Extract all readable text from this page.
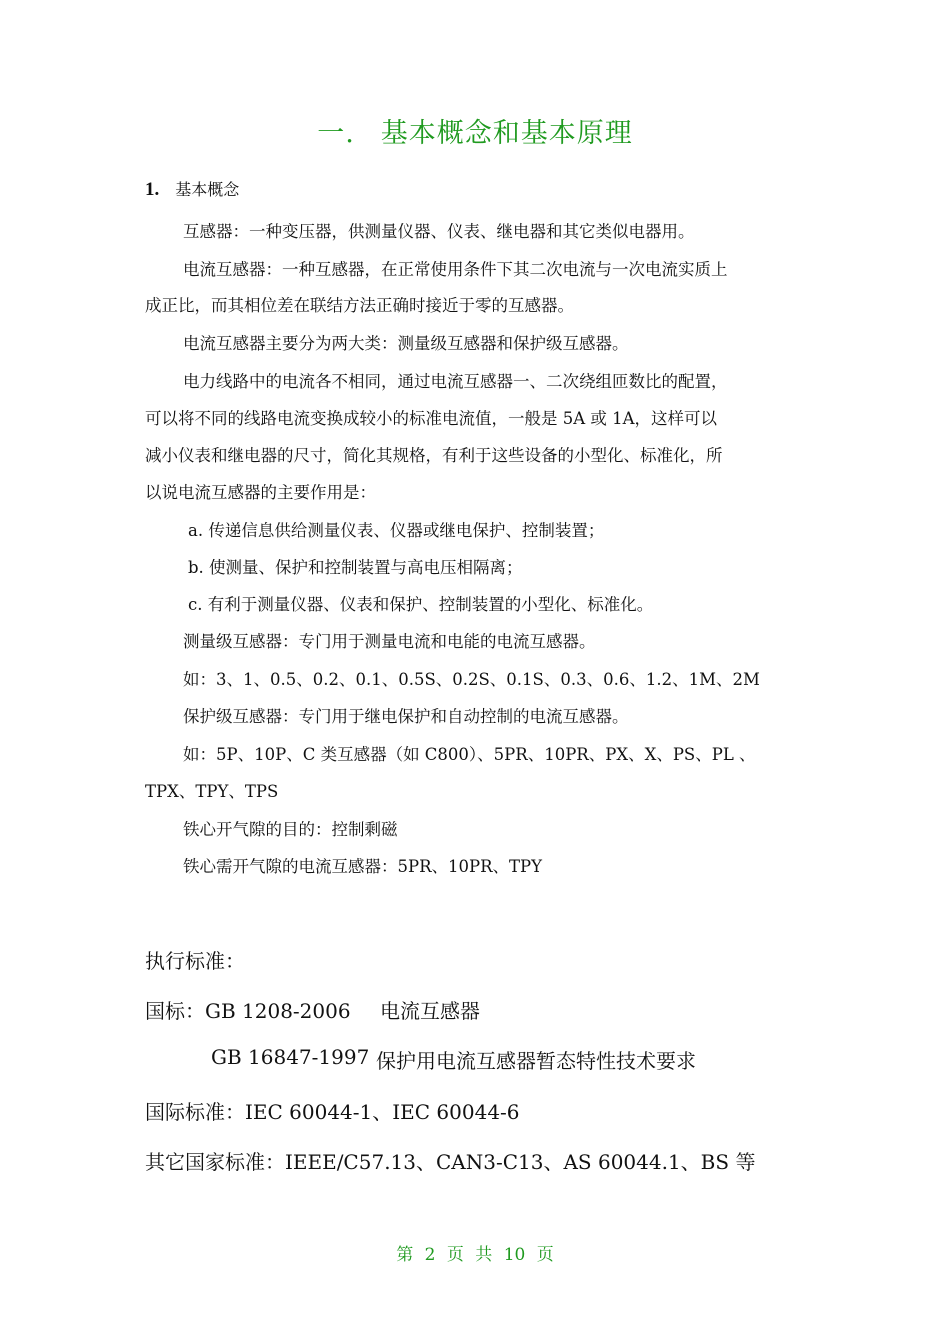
一. 基本概念和基本原理
1. 基本概念
互感器：一种变压器，供测量仪器、仪表、继电器和其它类似电器用。
电流互感器：一种互感器，在正常使用条件下其二次电流与一次电流实质上
成正比，而其相位差在联结方法正确时接近于零的互感器。
电流互感器主要分为两大类：测量级互感器和保护级互感器。
电力线路中的电流各不相同，通过电流互感器一、二次绕组匝数比的配置，
可以将不同的线路电流变换成较小的标准电流值，一般是 5A 或 1A，这样可以
减小仪表和继电器的尺寸，简化其规格，有利于这些设备的小型化、标准化，所
以说电流互感器的主要作用是：
a. 传递信息供给测量仪表、仪器或继电保护、控制装置；
b. 使测量、保护和控制装置与高电压相隔离；
c. 有利于测量仪器、仪表和保护、控制装置的小型化、标准化。
测量级互感器：专门用于测量电流和电能的电流互感器。
如：3、1、0.5、0.2、0.1、0.5S、0.2S、0.1S、0.3、0.6、1.2、1M、2M
保护级互感器：专门用于继电保护和自动控制的电流互感器。
如：5P、10P、C 类互感器（如 C800）、5PR、10PR、PX、X、PS、PL 、
TPX、TPY、TPS
铁心开气隙的目的：控制剩磁
铁心需开气隙的电流互感器：5PR、10PR、TPY
执行标准：
国标：GB 1208-2006 电流互感器
GB 16847-1997 保护用电流互感器暂态特性技术要求
国际标准：IEC 60044-1、IEC 60044-6
其它国家标准：IEEE/C57.13、CAN3-C13、AS 60044.1、BS 等
第 2 页 共 10 页
